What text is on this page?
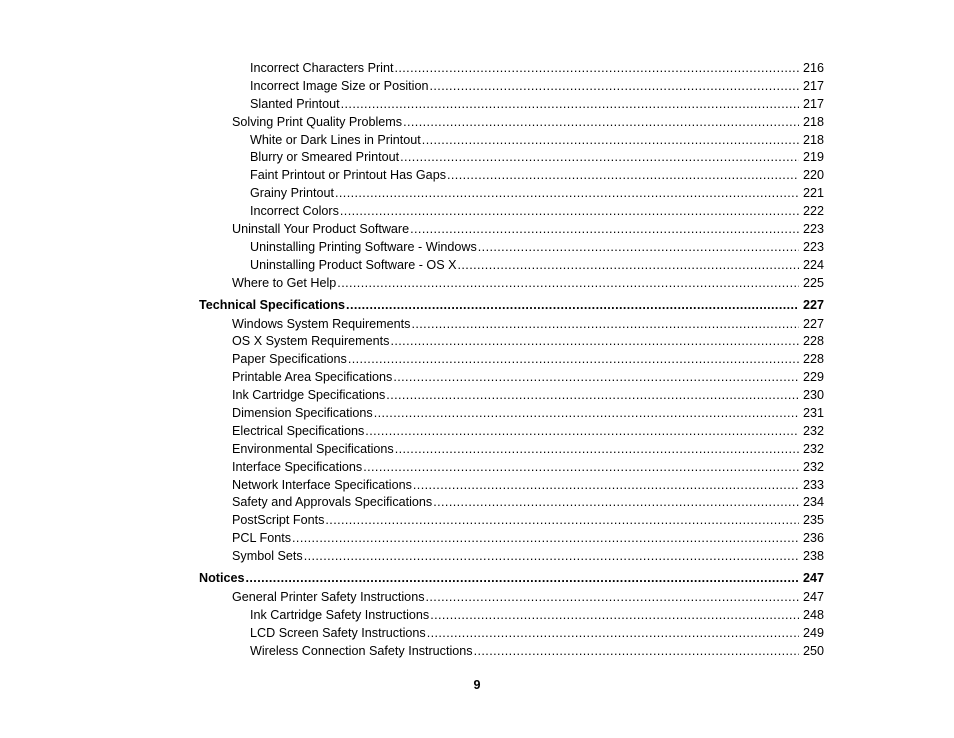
Incorrect Characters Print .....	216
Incorrect Image Size or Position .....	217
Slanted Printout .....	217
Solving Print Quality Problems .....	218
White or Dark Lines in Printout .....	218
Blurry or Smeared Printout .....	219
Faint Printout or Printout Has Gaps .....	220
Grainy Printout .....	221
Incorrect Colors .....	222
Uninstall Your Product Software .....	223
Uninstalling Printing Software - Windows .....	223
Uninstalling Product Software - OS X .....	224
Where to Get Help .....	225
Technical Specifications .....	227
Windows System Requirements .....	227
OS X System Requirements .....	228
Paper Specifications .....	228
Printable Area Specifications .....	229
Ink Cartridge Specifications .....	230
Dimension Specifications .....	231
Electrical Specifications .....	232
Environmental Specifications .....	232
Interface Specifications .....	232
Network Interface Specifications .....	233
Safety and Approvals Specifications .....	234
PostScript Fonts .....	235
PCL Fonts .....	236
Symbol Sets .....	238
Notices .....	247
General Printer Safety Instructions .....	247
Ink Cartridge Safety Instructions .....	248
LCD Screen Safety Instructions .....	249
Wireless Connection Safety Instructions .....	250
9
